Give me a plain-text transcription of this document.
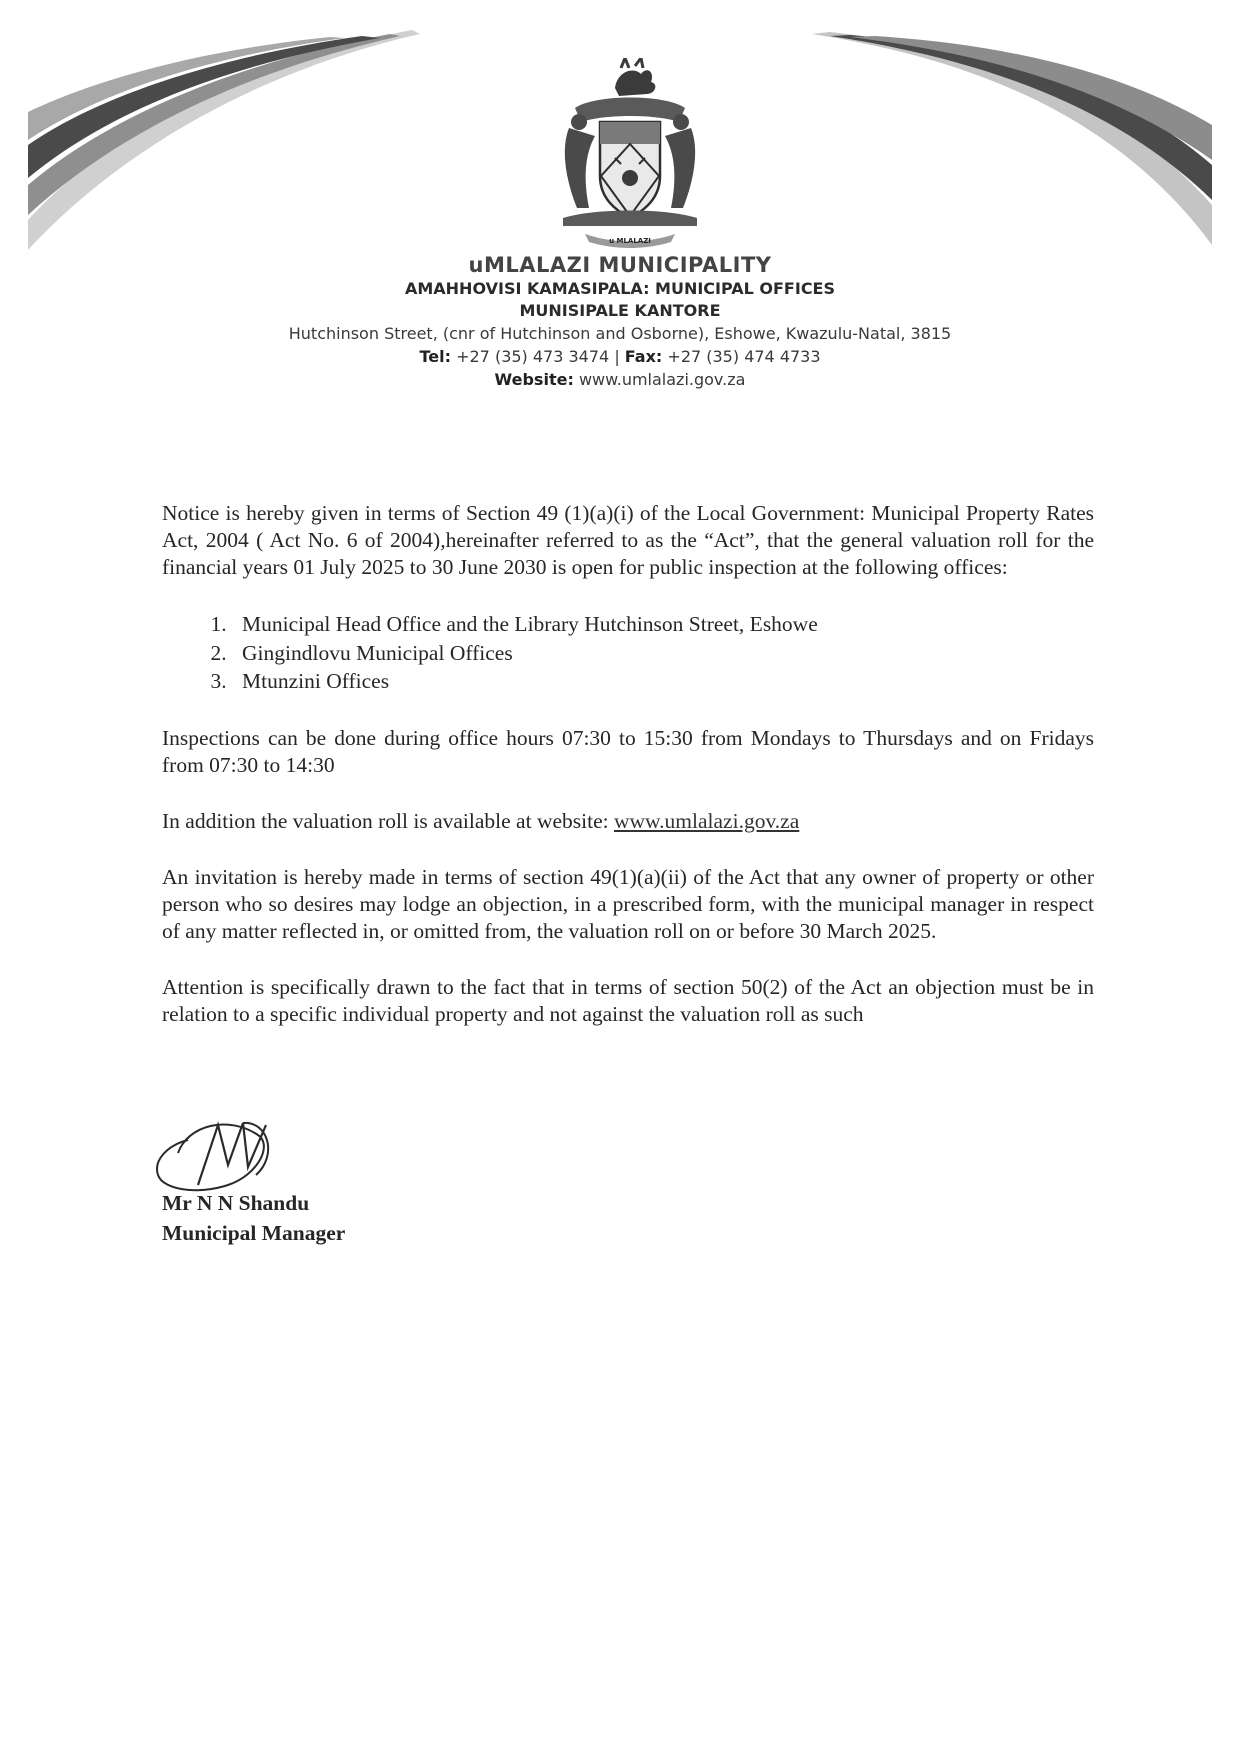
u MLALAZI
uMLALAZI MUNICIPALITY
AMAHHOVISI KAMASIPALA: MUNICIPAL OFFICES
MUNISIPALE KANTORE
Hutchinson Street, (cnr of Hutchinson and Osborne), Eshowe, Kwazulu-Natal, 3815
Tel: +27 (35) 473 3474 | Fax: +27 (35) 474 4733
Website: www.umlalazi.gov.za

Notice is hereby given in terms of Section 49 (1)(a)(i) of the Local Government: Municipal Property Rates Act, 2004 ( Act No. 6 of 2004),hereinafter referred to as the “Act”, that the general valuation roll for the financial years 01 July 2025 to 30 June 2030 is open for public inspection at the following offices:

1. Municipal Head Office and the Library Hutchinson Street, Eshowe
2. Gingindlovu Municipal Offices
3. Mtunzini Offices

Inspections can be done during office hours 07:30 to 15:30 from Mondays to Thursdays and on Fridays from 07:30 to 14:30

In addition the valuation roll is available at website: www.umlalazi.gov.za

An invitation is hereby made in terms of section 49(1)(a)(ii) of the Act that any owner of property or other person who so desires may lodge an objection, in a prescribed form, with the municipal manager in respect of any matter reflected in, or omitted from, the valuation roll on or before 30 March 2025.

Attention is specifically drawn to the fact that in terms of section 50(2) of the Act an objection must be in relation to a specific individual property and not against the valuation roll as such

Mr N N Shandu
Municipal Manager
